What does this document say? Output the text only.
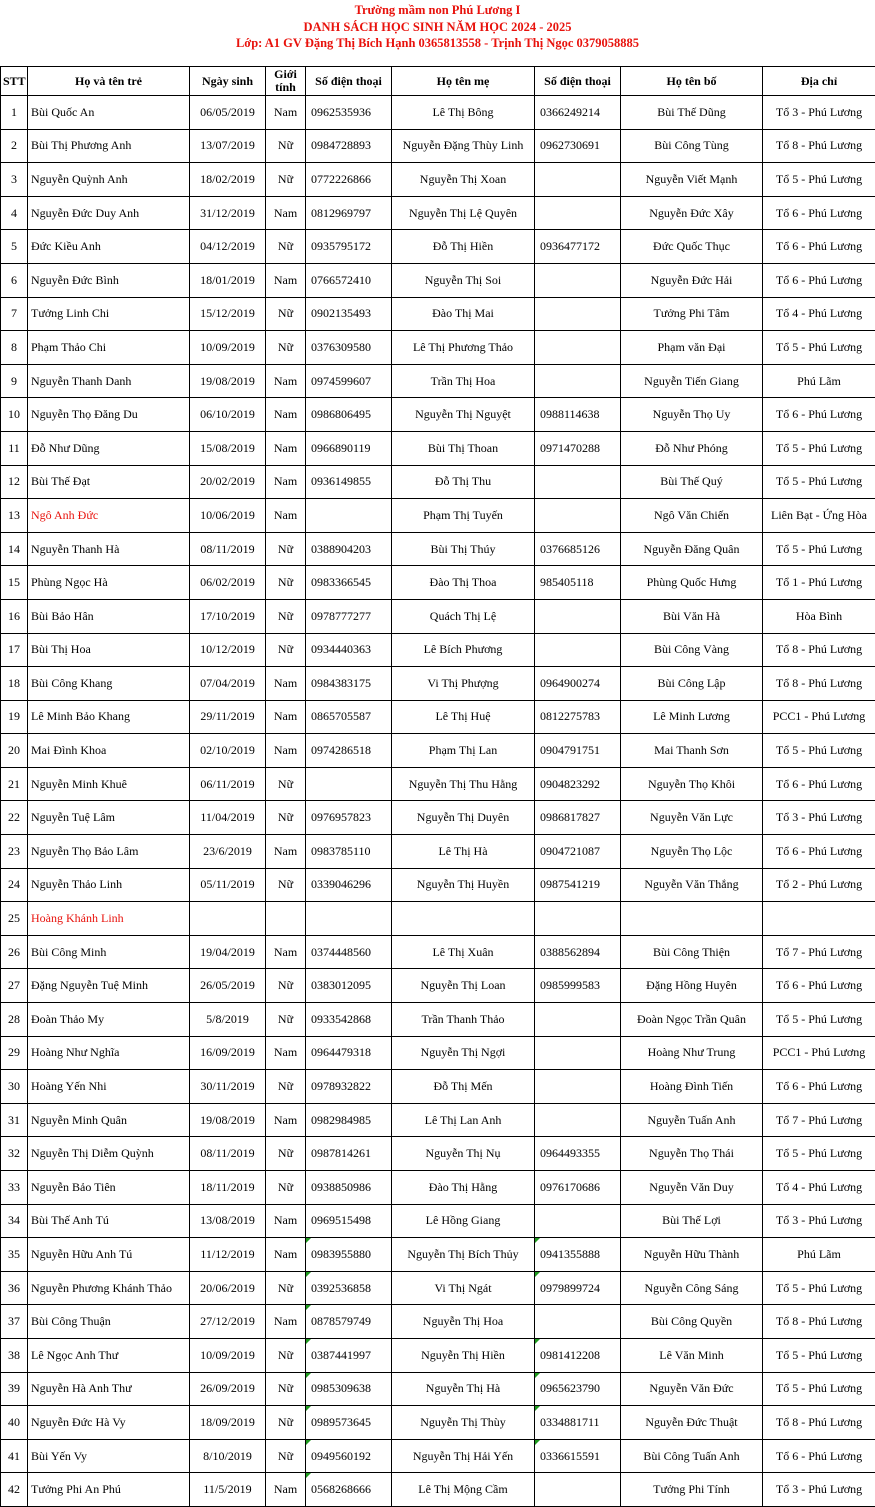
Trường mầm non Phú Lương I
DANH SÁCH HỌC SINH NĂM HỌC 2024 - 2025
Lớp: A1 GV Đặng Thị Bích Hạnh 0365813558 - Trịnh Thị Ngọc 0379058885
STT	Họ và tên trẻ	Ngày sinh	Giới tính	Số điện thoại	Họ tên mẹ	Số điện thoại	Họ tên bố	Địa chỉ
1	Bùi Quốc An	06/05/2019	Nam	0962535936	Lê Thị Bông	0366249214	Bùi Thế Dũng	Tổ 3 - Phú Lương
2	Bùi Thị Phương Anh	13/07/2019	Nữ	0984728893	Nguyễn Đặng Thùy Linh	0962730691	Bùi Công Tùng	Tổ 8 - Phú Lương
3	Nguyễn Quỳnh Anh	18/02/2019	Nữ	0772226866	Nguyễn Thị Xoan		Nguyễn Viết Mạnh	Tổ 5 - Phú Lương
4	Nguyễn Đức Duy Anh	31/12/2019	Nam	0812969797	Nguyễn Thị Lệ Quyên		Nguyễn Đức Xây	Tổ 6 - Phú Lương
5	Đức Kiều Anh	04/12/2019	Nữ	0935795172	Đỗ Thị Hiền	0936477172	Đức Quốc Thục	Tổ 6 - Phú Lương
6	Nguyễn Đức Bình	18/01/2019	Nam	0766572410	Nguyễn Thị Soi		Nguyễn Đức Hải	Tổ 6 - Phú Lương
7	Tưởng Linh Chi	15/12/2019	Nữ	0902135493	Đào Thị Mai		Tưởng Phi Tâm	Tổ 4 - Phú Lương
8	Phạm Thảo Chi	10/09/2019	Nữ	0376309580	Lê Thị Phương Thảo		Phạm văn Đại	Tổ 5 - Phú Lương
9	Nguyễn Thanh Danh	19/08/2019	Nam	0974599607	Trần Thị Hoa		Nguyễn Tiến Giang	Phú Lãm
10	Nguyễn Thọ Đăng Du	06/10/2019	Nam	0986806495	Nguyễn Thị Nguyệt	0988114638	Nguyễn Thọ Uy	Tổ 6 - Phú Lương
11	Đỗ Như Dũng	15/08/2019	Nam	0966890119	Bùi Thị Thoan	0971470288	Đỗ Như Phóng	Tổ 5 - Phú Lương
12	Bùi Thế Đạt	20/02/2019	Nam	0936149855	Đỗ Thị Thu		Bùi Thế Quý	Tổ 5 - Phú Lương
13	Ngô Anh Đức	10/06/2019	Nam		Phạm Thị Tuyến		Ngô Văn Chiến	Liên Bạt - Ứng Hòa
14	Nguyễn Thanh Hà	08/11/2019	Nữ	0388904203	Bùi Thị Thúy	0376685126	Nguyễn Đăng Quân	Tổ 5 - Phú Lương
15	Phùng Ngọc Hà	06/02/2019	Nữ	0983366545	Đào Thị Thoa	985405118	Phùng Quốc Hưng	Tổ 1 - Phú Lương
16	Bùi Bảo Hân	17/10/2019	Nữ	0978777277	Quách Thị Lệ		Bùi Văn Hà	Hòa Bình
17	Bùi Thị Hoa	10/12/2019	Nữ	0934440363	Lê Bích Phương		Bùi Công Vàng	Tổ 8 - Phú Lương
18	Bùi Công Khang	07/04/2019	Nam	0984383175	Vi Thị Phượng	0964900274	Bùi Công Lập	Tổ 8 - Phú Lương
19	Lê Minh Bảo Khang	29/11/2019	Nam	0865705587	Lê Thị Huệ	0812275783	Lê Minh Lương	PCC1 - Phú Lương
20	Mai Đình Khoa	02/10/2019	Nam	0974286518	Phạm Thị Lan	0904791751	Mai Thanh Sơn	Tổ 5 - Phú Lương
21	Nguyễn Minh Khuê	06/11/2019	Nữ		Nguyễn Thị Thu Hằng	0904823292	Nguyễn Thọ Khôi	Tổ 6 - Phú Lương
22	Nguyễn Tuệ Lâm	11/04/2019	Nữ	0976957823	Nguyễn Thị Duyên	0986817827	Nguyễn Văn Lực	Tổ 3 - Phú Lương
23	Nguyễn Thọ Bảo Lâm	23/6/2019	Nam	0983785110	Lê Thị Hà	0904721087	Nguyễn Thọ Lộc	Tổ 6 - Phú Lương
24	Nguyễn Thảo Linh	05/11/2019	Nữ	0339046296	Nguyễn Thị Huyền	0987541219	Nguyễn Văn Thắng	Tổ 2 - Phú Lương
25	Hoàng Khánh Linh							
26	Bùi Công Minh	19/04/2019	Nam	0374448560	Lê Thị Xuân	0388562894	Bùi Công Thiện	Tổ 7 - Phú Lương
27	Đặng Nguyễn Tuệ Minh	26/05/2019	Nữ	0383012095	Nguyễn Thị Loan	0985999583	Đặng Hồng Huyên	Tổ 6 - Phú Lương
28	Đoàn Thảo My	5/8/2019	Nữ	0933542868	Trần Thanh Thảo		Đoàn Ngọc Trần Quân	Tổ 5 - Phú Lương
29	Hoàng Như Nghĩa	16/09/2019	Nam	0964479318	Nguyễn Thị Ngợi		Hoàng Như Trung	PCC1 - Phú Lương
30	Hoàng Yến Nhi	30/11/2019	Nữ	0978932822	Đỗ Thị Mến		Hoàng Đình Tiến	Tổ 6 - Phú Lương
31	Nguyễn Minh Quân	19/08/2019	Nam	0982984985	Lê Thị Lan Anh		Nguyễn Tuấn Anh	Tổ 7 - Phú Lương
32	Nguyễn Thị Diễm Quỳnh	08/11/2019	Nữ	0987814261	Nguyễn Thị Nụ	0964493355	Nguyễn Thọ Thái	Tổ 5 - Phú Lương
33	Nguyễn Bảo Tiên	18/11/2019	Nữ	0938850986	Đào Thị Hằng	0976170686	Nguyễn Văn Duy	Tổ 4 - Phú Lương
34	Bùi Thế Anh Tú	13/08/2019	Nam	0969515498	Lê Hồng Giang		Bùi Thế Lợi	Tổ 3 - Phú Lương
35	Nguyễn Hữu Anh Tú	11/12/2019	Nam	0983955880	Nguyễn Thị Bích Thủy	0941355888	Nguyễn Hữu Thành	Phú Lãm
36	Nguyễn Phương Khánh Thảo	20/06/2019	Nữ	0392536858	Vi Thị Ngát	0979899724	Nguyễn Công Sáng	Tổ 5 - Phú Lương
37	Bùi Công Thuận	27/12/2019	Nam	0878579749	Nguyễn Thị Hoa		Bùi Công Quyền	Tổ 8 - Phú Lương
38	Lê Ngọc Anh Thư	10/09/2019	Nữ	0387441997	Nguyễn Thị Hiền	0981412208	Lê Văn Minh	Tổ 5 - Phú Lương
39	Nguyễn Hà Anh Thư	26/09/2019	Nữ	0985309638	Nguyễn Thị Hà	0965623790	Nguyễn Văn Đức	Tổ 5 - Phú Lương
40	Nguyễn Đức Hà Vy	18/09/2019	Nữ	0989573645	Nguyễn Thị Thùy	0334881711	Nguyễn Đức Thuật	Tổ 8 - Phú Lương
41	Bùi Yến Vy	8/10/2019	Nữ	0949560192	Nguyễn Thị Hải Yến	0336615591	Bùi Công Tuấn Anh	Tổ 6 - Phú Lương
42	Tưởng Phi An Phú	11/5/2019	Nam	0568268666	Lê Thị Mộng Cầm		Tưởng Phi Tính	Tổ 3 - Phú Lương
